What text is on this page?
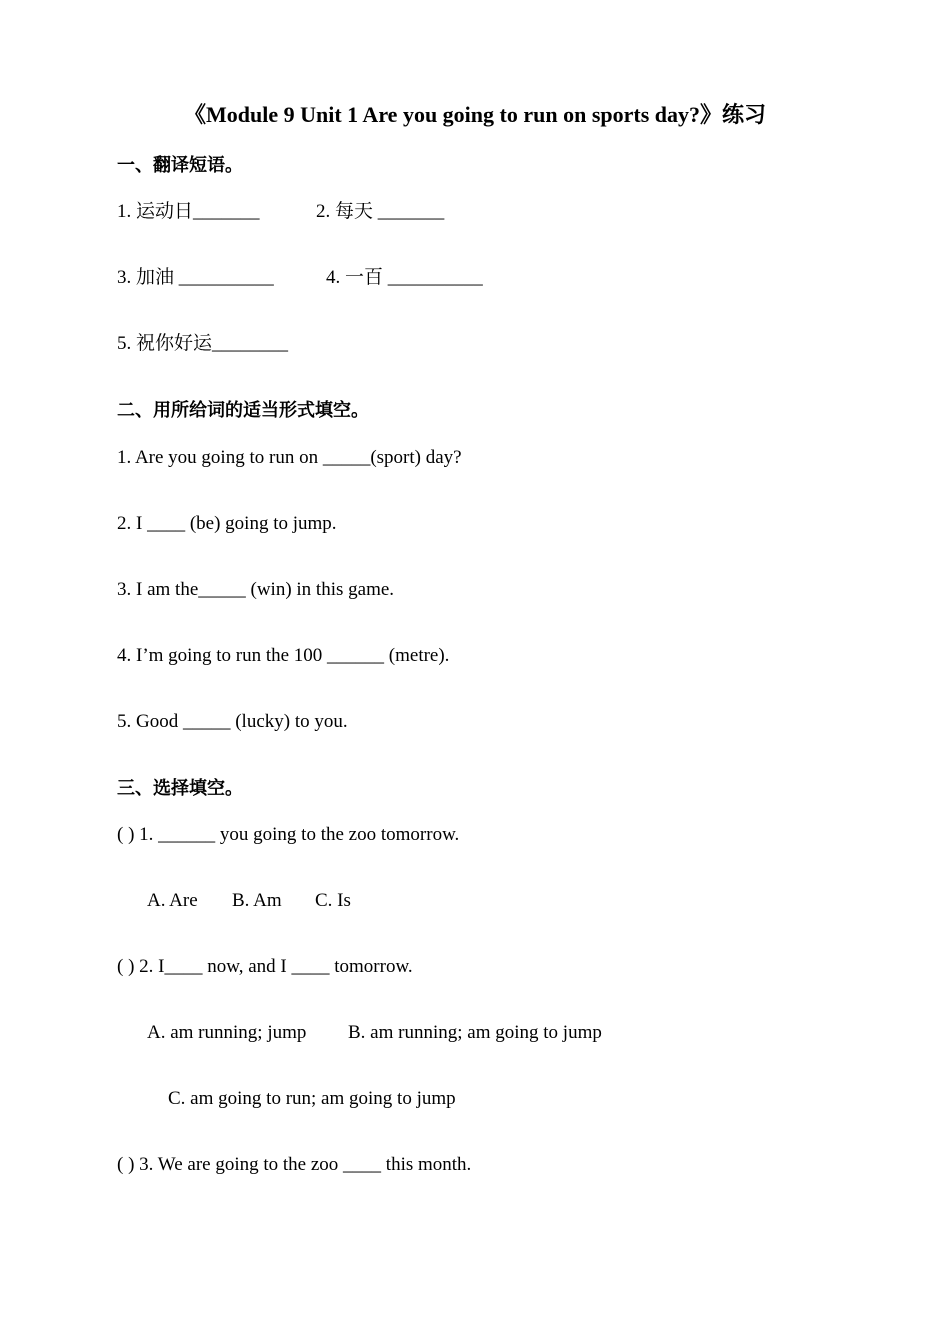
《Module 9 Unit 1 Are you going to run on sports day?》练习
一、翻译短语。
1. 运动日_______	2. 每天 _______
3. 加油 __________	4. 一百 __________
5. 祝你好运________
二、用所给词的适当形式填空。
1. Are you going to run on _____(sport) day?
2. I ____ (be) going to jump.
3. I am the_____ (win) in this game.
4. I’m going to run the 100 ______ (metre).
5. Good _____ (lucky) to you.
三、选择填空。
( ) 1. ______ you going to the zoo tomorrow.
A. Are B. Am C. Is
( ) 2. I____ now, and I ____ tomorrow.
A. am running; jump B. am running; am going to jump
C. am going to run; am going to jump
( ) 3. We are going to the zoo ____ this month.
